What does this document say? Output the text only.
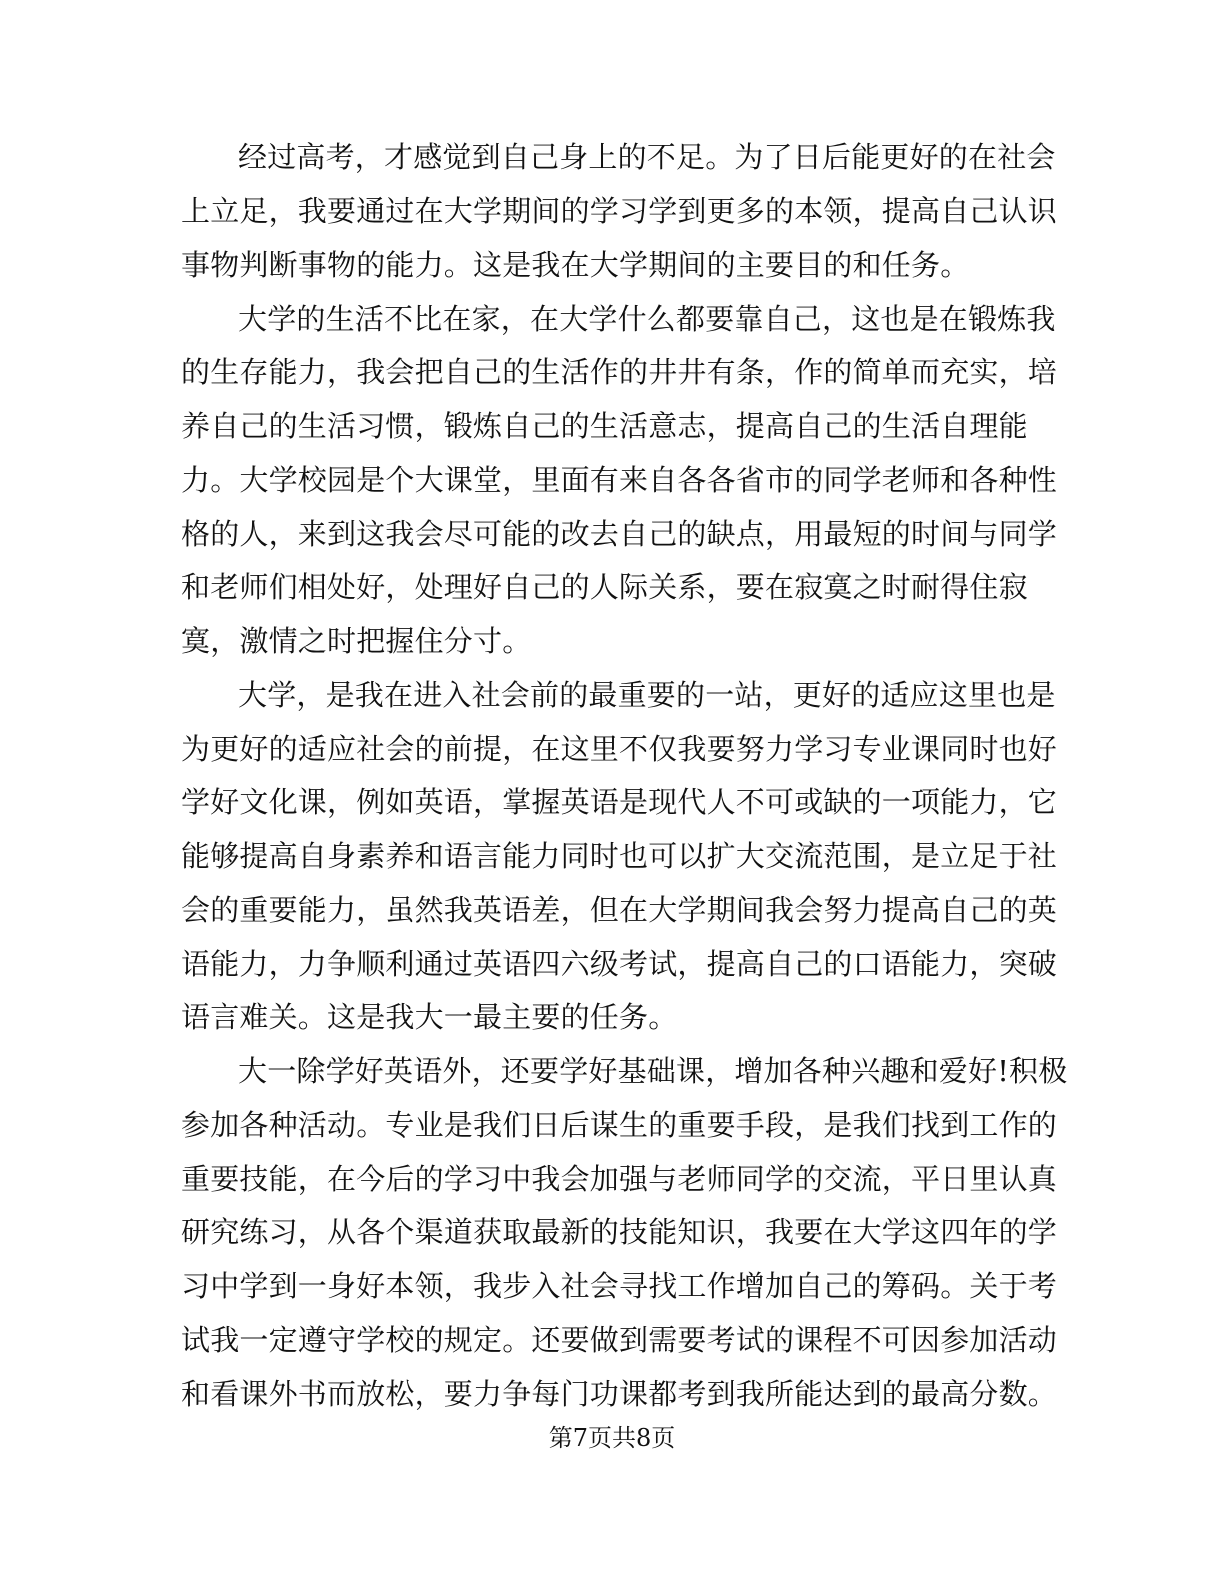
经过高考，才感觉到自己身上的不足。为了日后能更好的在社会
上立足，我要通过在大学期间的学习学到更多的本领，提高自己认识
事物判断事物的能力。这是我在大学期间的主要目的和任务。
大学的生活不比在家，在大学什么都要靠自己，这也是在锻炼我
的生存能力，我会把自己的生活作的井井有条，作的简单而充实，培
养自己的生活习惯，锻炼自己的生活意志，提高自己的生活自理能
力。大学校园是个大课堂，里面有来自各各省市的同学老师和各种性
格的人，来到这我会尽可能的改去自己的缺点，用最短的时间与同学
和老师们相处好，处理好自己的人际关系，要在寂寞之时耐得住寂
寞，激情之时把握住分寸。
大学，是我在进入社会前的最重要的一站，更好的适应这里也是
为更好的适应社会的前提，在这里不仅我要努力学习专业课同时也好
学好文化课，例如英语，掌握英语是现代人不可或缺的一项能力，它
能够提高自身素养和语言能力同时也可以扩大交流范围，是立足于社
会的重要能力，虽然我英语差，但在大学期间我会努力提高自己的英
语能力，力争顺利通过英语四六级考试，提高自己的口语能力，突破
语言难关。这是我大一最主要的任务。
大一除学好英语外，还要学好基础课，增加各种兴趣和爱好!积极
参加各种活动。专业是我们日后谋生的重要手段，是我们找到工作的
重要技能，在今后的学习中我会加强与老师同学的交流，平日里认真
研究练习，从各个渠道获取最新的技能知识，我要在大学这四年的学
习中学到一身好本领，我步入社会寻找工作增加自己的筹码。关于考
试我一定遵守学校的规定。还要做到需要考试的课程不可因参加活动
和看课外书而放松，要力争每门功课都考到我所能达到的最高分数。
第7页共8页
